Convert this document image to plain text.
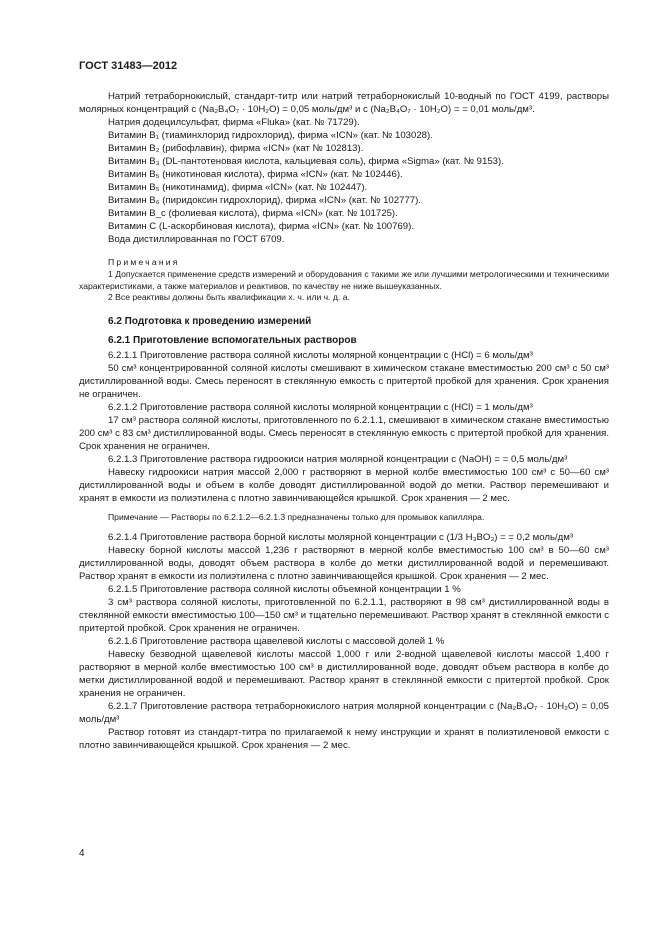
ГОСТ 31483—2012

Натрий тетраборнокислый, стандарт-титр или натрий тетраборнокислый 10-водный по ГОСТ 4199, растворы молярных концентраций c (Na₂B₄O₇ · 10H₂O) = 0,05 моль/дм³ и c (Na₂B₄O₇ · 10H₂O) = = 0,01 моль/дм³.

Натрия додецилсульфат, фирма «Fluka» (кат. № 71729).

Витамин B₁ (тиаминхлорид гидрохлорид), фирма «ICN» (кат. № 103028).

Витамин B₂ (рибофлавин), фирма «ICN» (кат № 102813).

Витамин B₃ (DL-пантотеновая кислота, кальциевая соль), фирма «Sigma» (кат. № 9153).

Витамин B₅ (никотиновая кислота), фирма «ICN» (кат. № 102446).

Витамин B₅ (никотинамид), фирма «ICN» (кат. № 102447).

Витамин B₆ (пиридоксин гидрохлорид), фирма «ICN» (кат. № 102777).

Витамин B_c (фолиевая кислота), фирма «ICN» (кат. № 101725).

Витамин C (L-аскорбиновая кислота), фирма «ICN» (кат. № 100769).

Вода дистиллированная по ГОСТ 6709.

Примечания

1 Допускается применение средств измерений и оборудования с такими же или лучшими метрологическими и техническими характеристиками, а также материалов и реактивов, по качеству не ниже вышеуказанных.

2 Все реактивы должны быть квалификации х. ч. или ч. д. а.

6.2 Подготовка к проведению измерений
6.2.1 Приготовление вспомогательных растворов

6.2.1.1 Приготовление раствора соляной кислоты молярной концентрации c (HCl) = 6 моль/дм³

50 см³ концентрированной соляной кислоты смешивают в химическом стакане вместимостью 200 см³ с 50 см³ дистиллированной воды. Смесь переносят в стеклянную емкость с притертой пробкой для хранения. Срок хранения не ограничен.

6.2.1.2 Приготовление раствора соляной кислоты молярной концентрации c (HCl) = 1 моль/дм³

17 см³ раствора соляной кислоты, приготовленного по 6.2.1.1, смешивают в химическом стакане вместимостью 200 см³ с 83 см³ дистиллированной воды. Смесь переносят в стеклянную емкость с притертой пробкой для хранения. Срок хранения не ограничен.

6.2.1.3 Приготовление раствора гидроокиси натрия молярной концентрации c (NaOH) = = 0,5 моль/дм³

Навеску гидроокиси натрия массой 2,000 г растворяют в мерной колбе вместимостью 100 см³ с 50—60 см³ дистиллированной воды и объем в колбе доводят дистиллированной водой до метки. Раствор перемешивают и хранят в емкости из полиэтилена с плотно завинчивающейся крышкой. Срок хранения — 2 мес.

Примечание — Растворы по 6.2.1.2—6.2.1.3 предназначены только для промывок капилляра.

6.2.1.4 Приготовление раствора борной кислоты молярной концентрации c (1/3 H₃BO₃) = = 0,2 моль/дм³

Навеску борной кислоты массой 1,236 г растворяют в мерной колбе вместимостью 100 см³ в 50—60 см³ дистиллированной воды, доводят объем раствора в колбе до метки дистиллированной водой и перемешивают. Раствор хранят в емкости из полиэтилена с плотно завинчивающейся крышкой. Срок хранения — 2 мес.

6.2.1.5 Приготовление раствора соляной кислоты объемной концентрации 1 %

3 см³ раствора соляной кислоты, приготовленной по 6.2.1.1, растворяют в 98 см³ дистиллированной воды в стеклянной емкости вместимостью 100—150 см³ и тщательно перемешивают. Раствор хранят в стеклянной емкости с притертой пробкой. Срок хранения не ограничен.

6.2.1.6 Приготовление раствора щавелевой кислоты с массовой долей 1 %

Навеску безводной щавелевой кислоты массой 1,000 г или 2-водной щавелевой кислоты массой 1,400 г растворяют в мерной колбе вместимостью 100 см³ в дистиллированной воде, доводят объем раствора в колбе до метки дистиллированной водой и перемешивают. Раствор хранят в стеклянной емкости с притертой пробкой. Срок хранения не ограничен.

6.2.1.7 Приготовление раствора тетраборнокислого натрия молярной концентрации c (Na₂B₄O₇ · 10H₂O) = 0,05 моль/дм³

Раствор готовят из стандарт-титра по прилагаемой к нему инструкции и хранят в полиэтиленовой емкости с плотно завинчивающейся крышкой. Срок хранения — 2 мес.

4
